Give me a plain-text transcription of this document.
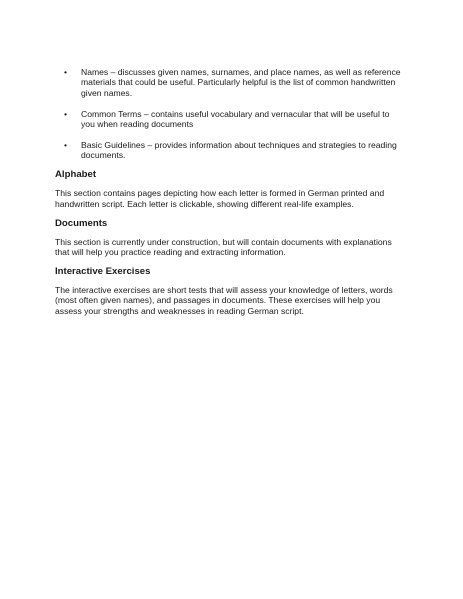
• Names – discusses given names, surnames, and place names, as well as reference materials that could be useful. Particularly helpful is the list of common handwritten given names.
• Common Terms – contains useful vocabulary and vernacular that will be useful to you when reading documents
• Basic Guidelines – provides information about techniques and strategies to reading documents.
Alphabet

This section contains pages depicting how each letter is formed in German printed and handwritten script. Each letter is clickable, showing different real-life examples.

Documents

This section is currently under construction, but will contain documents with explanations that will help you practice reading and extracting information.

Interactive Exercises

The interactive exercises are short tests that will assess your knowledge of letters, words (most often given names), and passages in documents. These exercises will help you assess your strengths and weaknesses in reading German script.
